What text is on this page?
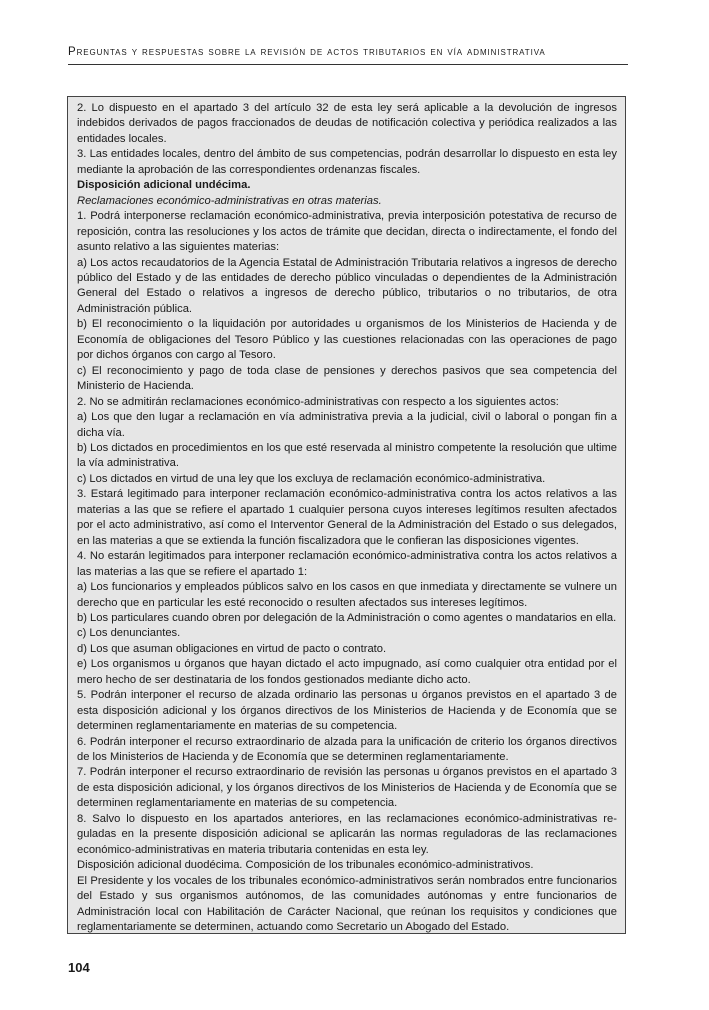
Preguntas y respuestas sobre la revisión de actos tributarios en vía administrativa

2. Lo dispuesto en el apartado 3 del artículo 32 de esta ley será aplicable a la devolución de ingresos indebidos derivados de pagos fraccionados de deudas de notificación colectiva y periódica realizados a las entidades locales.

3. Las entidades locales, dentro del ámbito de sus competencias, podrán desarrollar lo dispuesto en esta ley mediante la aprobación de las correspondientes ordenanzas fiscales.

Disposición adicional undécima.

Reclamaciones económico-administrativas en otras materias.

1. Podrá interponerse reclamación económico-administrativa, previa interposición potestativa de recurso de reposición, contra las resoluciones y los actos de trámite que decidan, directa o indirectamente, el fondo del asunto relativo a las siguientes materias:

a) Los actos recaudatorios de la Agencia Estatal de Administración Tributaria relativos a ingresos de derecho público del Estado y de las entidades de derecho público vinculadas o dependientes de la Administración General del Estado o relativos a ingresos de derecho público, tributarios o no tributarios, de otra Administración pública.

b) El reconocimiento o la liquidación por autoridades u organismos de los Ministerios de Hacienda y de Economía de obligaciones del Tesoro Público y las cuestiones relacionadas con las operaciones de pago por dichos órganos con cargo al Tesoro.

c) El reconocimiento y pago de toda clase de pensiones y derechos pasivos que sea competencia del Ministerio de Hacienda.

2. No se admitirán reclamaciones económico-administrativas con respecto a los siguientes actos:

a) Los que den lugar a reclamación en vía administrativa previa a la judicial, civil o laboral o pongan fin a dicha vía.

b) Los dictados en procedimientos en los que esté reservada al ministro competente la resolución que ultime la vía administrativa.

c) Los dictados en virtud de una ley que los excluya de reclamación económico-administrativa.

3. Estará legitimado para interponer reclamación económico-administrativa contra los actos relativos a las materias a las que se refiere el apartado 1 cualquier persona cuyos intereses legítimos resulten afectados por el acto administrativo, así como el Interventor General de la Administración del Estado o sus delegados, en las materias a que se extienda la función fiscalizadora que le confieran las disposiciones vigentes.

4. No estarán legitimados para interponer reclamación económico-administrativa contra los actos relativos a las materias a las que se refiere el apartado 1:

a) Los funcionarios y empleados públicos salvo en los casos en que inmediata y directamente se vulnere un derecho que en particular les esté reconocido o resulten afectados sus intereses legítimos.

b) Los particulares cuando obren por delegación de la Administración o como agentes o mandatarios en ella.

c) Los denunciantes.

d) Los que asuman obligaciones en virtud de pacto o contrato.

e) Los organismos u órganos que hayan dictado el acto impugnado, así como cualquier otra entidad por el mero hecho de ser destinataria de los fondos gestionados mediante dicho acto.

5. Podrán interponer el recurso de alzada ordinario las personas u órganos previstos en el apartado 3 de esta disposición adicional y los órganos directivos de los Ministerios de Hacienda y de Economía que se determinen reglamentariamente en materias de su competencia.

6. Podrán interponer el recurso extraordinario de alzada para la unificación de criterio los órganos directivos de los Ministerios de Hacienda y de Economía que se determinen reglamentariamente.

7. Podrán interponer el recurso extraordinario de revisión las personas u órganos previstos en el apartado 3 de esta disposición adicional, y los órganos directivos de los Ministerios de Hacienda y de Economía que se determinen reglamentariamente en materias de su competencia.

8. Salvo lo dispuesto en los apartados anteriores, en las reclamaciones económico-administrativas reguladas en la presente disposición adicional se aplicarán las normas reguladoras de las reclamaciones económico-administrativas en materia tributaria contenidas en esta ley.

Disposición adicional duodécima. Composición de los tribunales económico-administrativos.

El Presidente y los vocales de los tribunales económico-administrativos serán nombrados entre funcionarios del Estado y sus organismos autónomos, de las comunidades autónomas y entre funcionarios de Administración local con Habilitación de Carácter Nacional, que reúnan los requisitos y condiciones que reglamentariamente se determinen, actuando como Secretario un Abogado del Estado.

104
